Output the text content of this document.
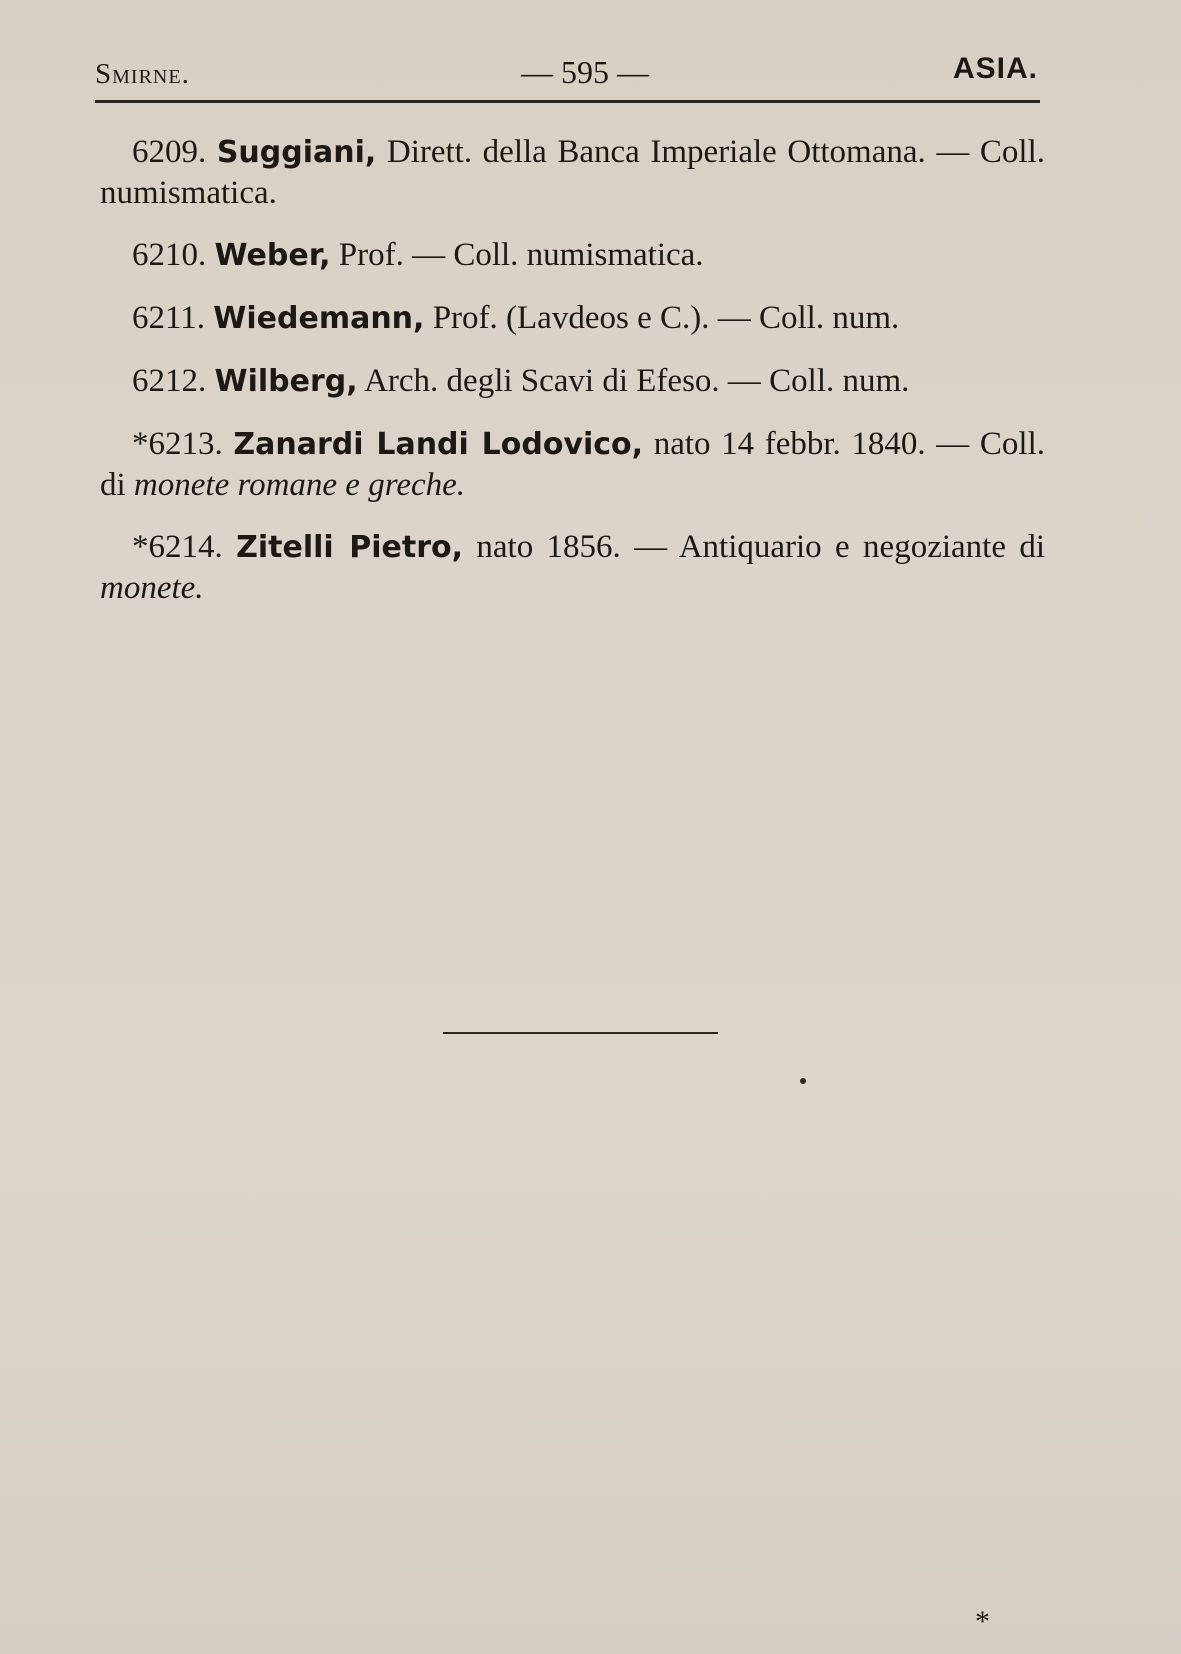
Smirne.	— 595 —	ASIA.

6209. Suggiani, Dirett. della Banca Imperiale Ottomana. — Coll. numismatica.

6210. Weber, Prof. — Coll. numismatica.

6211. Wiedemann, Prof. (Lavdeos e C.). — Coll. num.

6212. Wilberg, Arch. degli Scavi di Efeso. — Coll. num.

*6213. Zanardi Landi Lodovico, nato 14 febbr. 1840. — Coll. di monete romane e greche.

*6214. Zitelli Pietro, nato 1856. — Antiquario e negoziante di monete.

*
